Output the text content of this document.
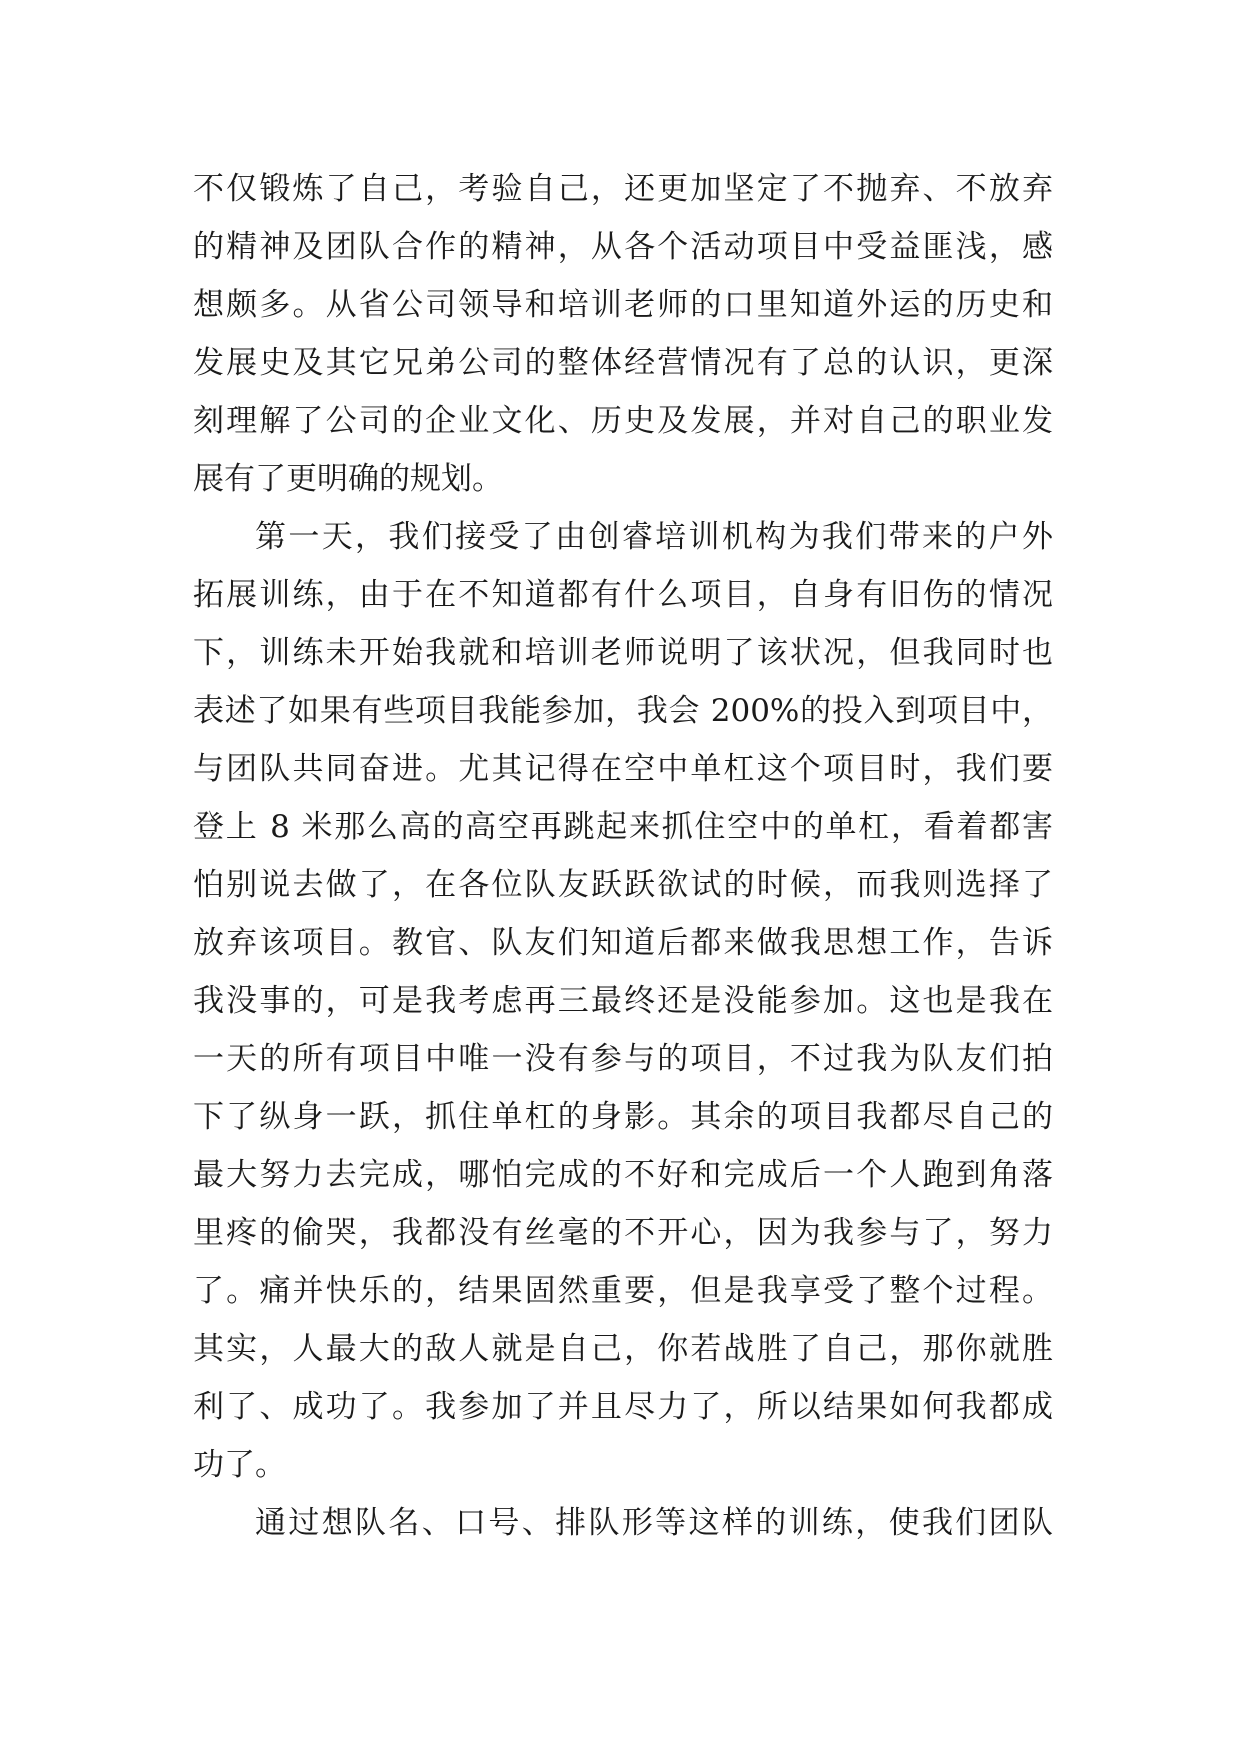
不仅锻炼了自己，考验自己，还更加坚定了不抛弃、不放弃
的精神及团队合作的精神，从各个活动项目中受益匪浅，感
想颇多。从省公司领导和培训老师的口里知道外运的历史和
发展史及其它兄弟公司的整体经营情况有了总的认识，更深
刻理解了公司的企业文化、历史及发展，并对自己的职业发
展有了更明确的规划。
第一天，我们接受了由创睿培训机构为我们带来的户外
拓展训练，由于在不知道都有什么项目，自身有旧伤的情况
下，训练未开始我就和培训老师说明了该状况，但我同时也
表述了如果有些项目我能参加，我会 200%的投入到项目中，
与团队共同奋进。尤其记得在空中单杠这个项目时，我们要
登上 8 米那么高的高空再跳起来抓住空中的单杠，看着都害
怕别说去做了，在各位队友跃跃欲试的时候，而我则选择了
放弃该项目。教官、队友们知道后都来做我思想工作，告诉
我没事的，可是我考虑再三最终还是没能参加。这也是我在
一天的所有项目中唯一没有参与的项目，不过我为队友们拍
下了纵身一跃，抓住单杠的身影。其余的项目我都尽自己的
最大努力去完成，哪怕完成的不好和完成后一个人跑到角落
里疼的偷哭，我都没有丝毫的不开心，因为我参与了，努力
了。痛并快乐的，结果固然重要，但是我享受了整个过程。
其实，人最大的敌人就是自己，你若战胜了自己，那你就胜
利了、成功了。我参加了并且尽力了，所以结果如何我都成
功了。
通过想队名、口号、排队形等这样的训练，使我们团队
